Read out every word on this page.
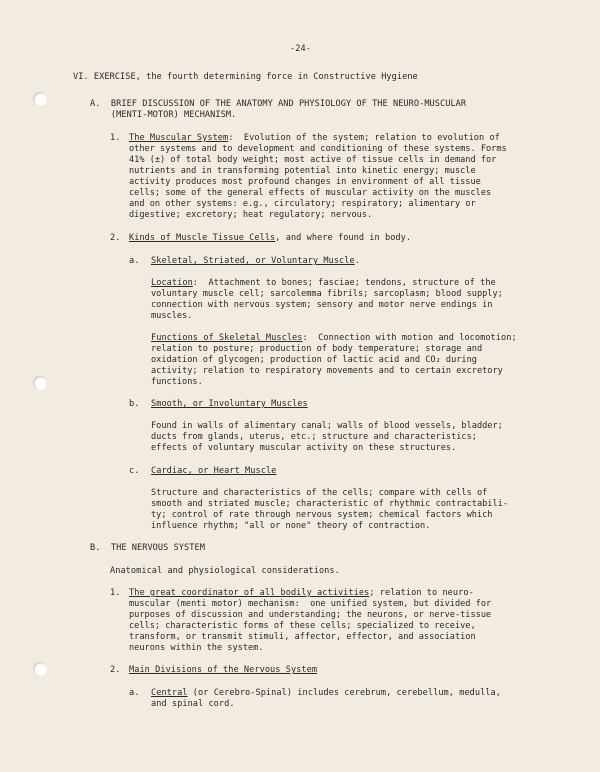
-24-
VI. EXERCISE, the fourth determining force in Constructive Hygiene
A.  BRIEF DISCUSSION OF THE ANATOMY AND PHYSIOLOGY OF THE NEURO-MUSCULAR
(MENTI-MOTOR) MECHANISM.
1. The Muscular System:  Evolution of the system; relation to evolution of
other systems and to development and conditioning of these systems. Forms
41% (±) of total body weight; most active of tissue cells in demand for
nutrients and in transforming potential into kinetic energy; muscle
activity produces most profound changes in environment of all tissue
cells; some of the general effects of muscular activity on the muscles
and on other systems: e.g., circulatory; respiratory; alimentary or
digestive; excretory; heat regulatory; nervous.
2. Kinds of Muscle Tissue Cells, and where found in body.
a. Skeletal, Striated, or Voluntary Muscle.
Location:  Attachment to bones; fasciae; tendons, structure of the
voluntary muscle cell; sarcolemma fibrils; sarcoplasm; blood supply;
connection with nervous system; sensory and motor nerve endings in
muscles.
Functions of Skeletal Muscles:  Connection with motion and locomotion;
relation to posture; production of body temperature; storage and
oxidation of glycogen; production of lactic acid and CO₂ during
activity; relation to respiratory movements and to certain excretory
functions.
b. Smooth, or Involuntary Muscles
Found in walls of alimentary canal; walls of blood vessels, bladder;
ducts from glands, uterus, etc.; structure and characteristics;
effects of voluntary muscular activity on these structures.
c. Cardiac, or Heart Muscle
Structure and characteristics of the cells; compare with cells of
smooth and striated muscle; characteristic of rhythmic contractabili-
ty; control of rate through nervous system; chemical factors which
influence rhythm; "all or none" theory of contraction.
B.  THE NERVOUS SYSTEM
Anatomical and physiological considerations.
1. The great coordinator of all bodily activities; relation to neuro-
muscular (menti motor) mechanism:  one unified system, but divided for
purposes of discussion and understanding; the neurons, or nerve-tissue
cells; characteristic forms of these cells; specialized to receive,
transform, or transmit stimuli, affector, effector, and association
neurons within the system.
2. Main Divisions of the Nervous System
a. Central (or Cerebro-Spinal) includes cerebrum, cerebellum, medulla,
and spinal cord.
